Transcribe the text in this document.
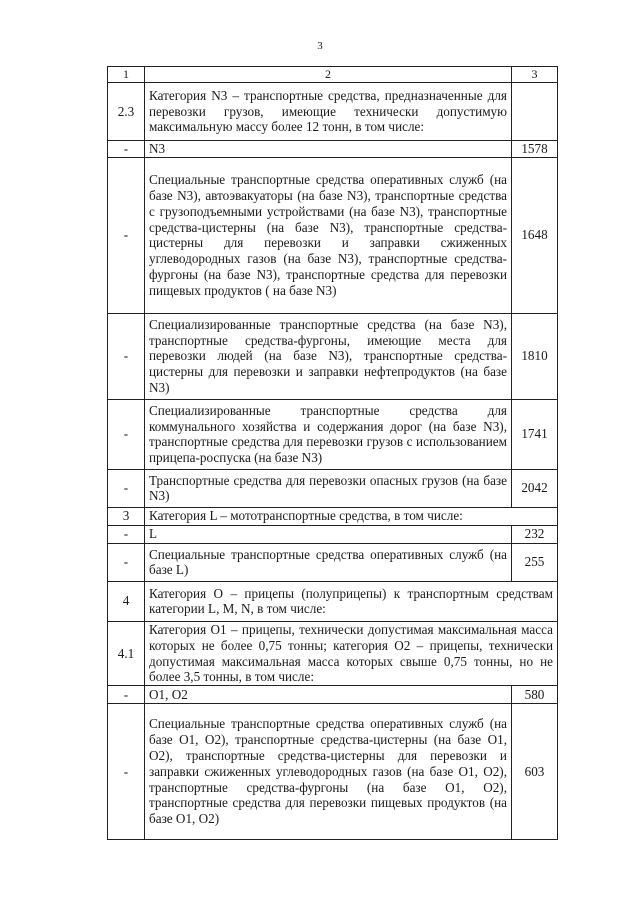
3
1	2	3
2.3	Категория N3 – транспортные средства, предназначенные для перевозки грузов, имеющие технически допустимую максимальную массу более 12 тонн, в том числе:	
-	N3	1578
-	Специальные транспортные средства оперативных служб (на базе N3), автоэвакуаторы (на базе N3), транспортные средства с грузоподъемными устройствами (на базе N3), транспортные средства-цистерны (на базе N3), транспортные средства-цистерны для перевозки и заправки сжиженных углеводородных газов (на базе N3), транспортные средства-фургоны (на базе N3), транспортные средства для перевозки пищевых продуктов ( на базе N3)	1648
-	Специализированные транспортные средства (на базе N3), транспортные средства-фургоны, имеющие места для перевозки людей (на базе N3), транспортные средства-цистерны для перевозки и заправки нефтепродуктов (на базе N3)	1810
-	Специализированные транспортные средства для коммунального хозяйства и содержания дорог (на базе N3), транспортные средства для перевозки грузов с использованием прицепа-роспуска (на базе N3)	1741
-	Транспортные средства для перевозки опасных грузов (на базе N3)	2042
3	Категория L – мототранспортные средства, в том числе:	
-	L	232
-	Специальные транспортные средства оперативных служб (на базе L)	255
4	Категория O – прицепы (полуприцепы) к транспортным средствам категории L, M, N, в том числе:	
4.1	Категория O1 – прицепы, технически допустимая максимальная масса которых не более 0,75 тонны; категория O2 – прицепы, технически допустимая максимальная масса которых свыше 0,75 тонны, но не более 3,5 тонны, в том числе:	
-	O1, O2	580
-	Специальные транспортные средства оперативных служб (на базе O1, O2), транспортные средства-цистерны (на базе O1, O2), транспортные средства-цистерны для перевозки и заправки сжиженных углеводородных газов (на базе O1, O2), транспортные средства-фургоны (на базе O1, O2), транспортные средства для перевозки пищевых продуктов (на базе O1, O2)	603
